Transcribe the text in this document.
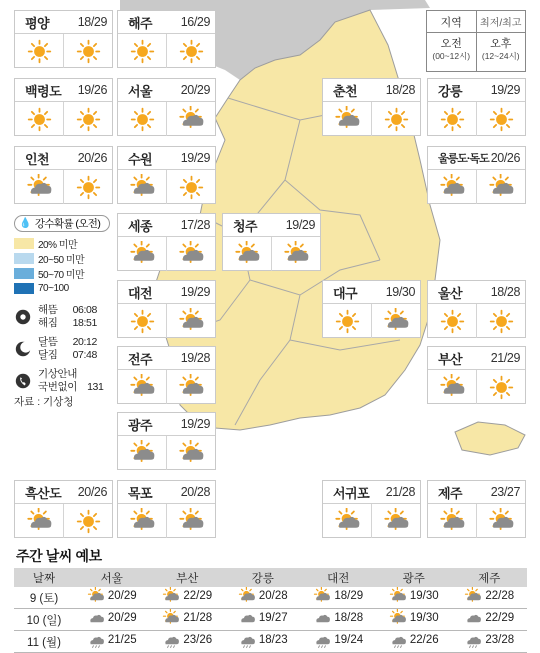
지역	최저/최고
오전
(00~12시)
오후
(12~24시)
💧 강수확률 (오전)
20% 미만
20~50 미만
50~70 미만
70~100
해뜸 06:08
해짐 18:51
달뜸 20:12
달짐 07:48
기상안내
국번없이 131
자료 : 기상청
평양 18/29 해주 16/29
백령도 19/26 서울 20/29	춘천 18/28 강릉 19/29
인천 20/26 수원 19/29	울릉도·독도 20/26
세종 17/28 청주 19/29
대전 19/29	대구 19/30 울산 18/28
전주 19/28	부산 21/29
광주 19/29
흑산도 20/26 목포 20/28	서귀포 21/28 제주 23/27
주간 날씨 예보
날짜	서울	부산	강릉	대전	광주	제주
9 (토)	20/29	22/29	20/28	18/29	19/30	22/28

10 (일)	20/29	21/28	19/27	18/28	19/30	22/29

11 (월)	21/25	23/26	18/23	19/24	22/26	23/28
